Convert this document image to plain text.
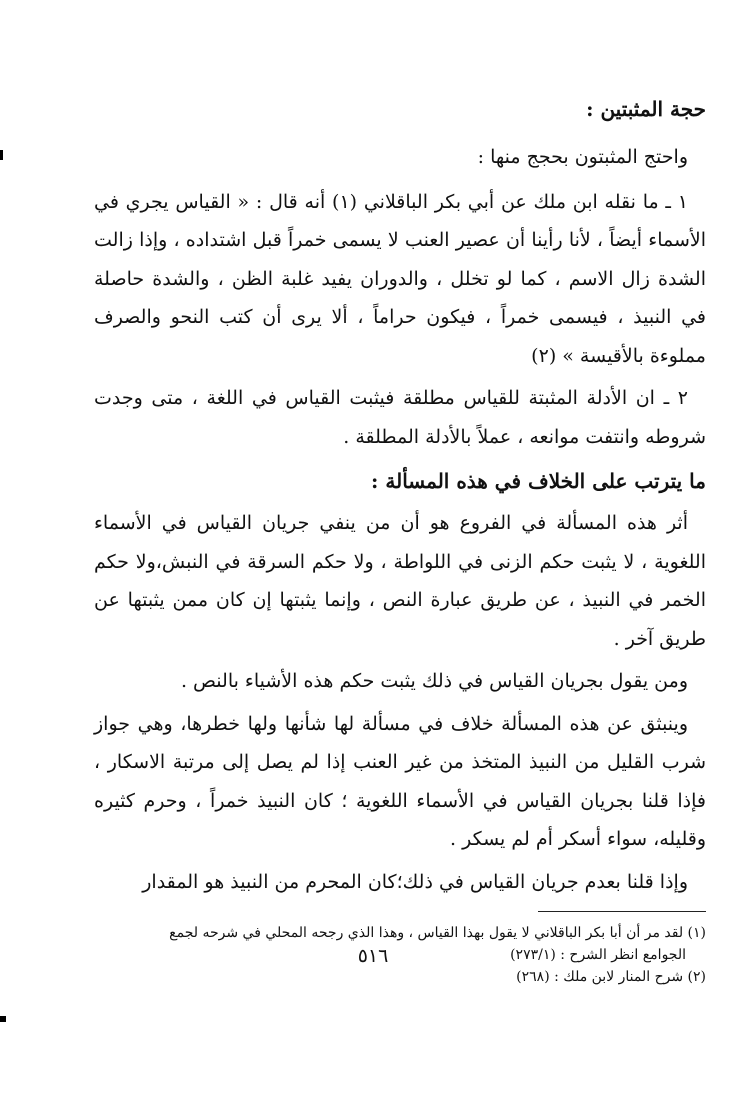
حجة المثبتين :

واحتج المثبتون بحجج منها :

١ ـ ما نقله ابن ملك عن أبي بكر الباقلاني (١) أنه قال : « القياس يجري في الأسماء أيضاً ، لأنا رأينا أن عصير العنب لا يسمى خمراً قبل اشتداده ، وإذا زالت الشدة زال الاسم ، كما لو تخلل ، والدوران يفيد غلبة الظن ، والشدة حاصلة في النبيذ ، فيسمى خمراً ، فيكون حراماً ، ألا يرى أن كتب النحو والصرف مملوءة بالأقيسة » (٢)

٢ ـ ان الأدلة المثبتة للقياس مطلقة فيثبت القياس في اللغة ، متى وجدت شروطه وانتفت موانعه ، عملاً بالأدلة المطلقة .

ما يترتب على الخلاف في هذه المسألة :

أثر هذه المسألة في الفروع هو أن من ينفي جريان القياس في الأسماء اللغوية ، لا يثبت حكم الزنى في اللواطة ، ولا حكم السرقة في النبش،ولا حكم الخمر في النبيذ ، عن طريق عبارة النص ، وإنما يثبتها إن كان ممن يثبتها عن طريق آخر .

ومن يقول بجريان القياس في ذلك يثبت حكم هذه الأشياء بالنص .

وينبثق عن هذه المسألة خلاف في مسألة لها شأنها ولها خطرها، وهي جواز شرب القليل من النبيذ المتخذ من غير العنب إذا لم يصل إلى مرتبة الاسكار ، فإذا قلنا بجريان القياس في الأسماء اللغوية ؛ كان النبيذ خمراً ، وحرم كثيره وقليله، سواء أسكر أم لم يسكر .

وإذا قلنا بعدم جريان القياس في ذلك؛كان المحرم من النبيذ هو المقدار

(١) لقد مر أن أبا بكر الباقلاني لا يقول بهذا القياس ، وهذا الذي رجحه المحلي في شرحه لجمع
الجوامع انظر الشرح : (٢٧٣/١)

(٢) شرح المنار لابن ملك : (٢٦٨)

٥١٦
